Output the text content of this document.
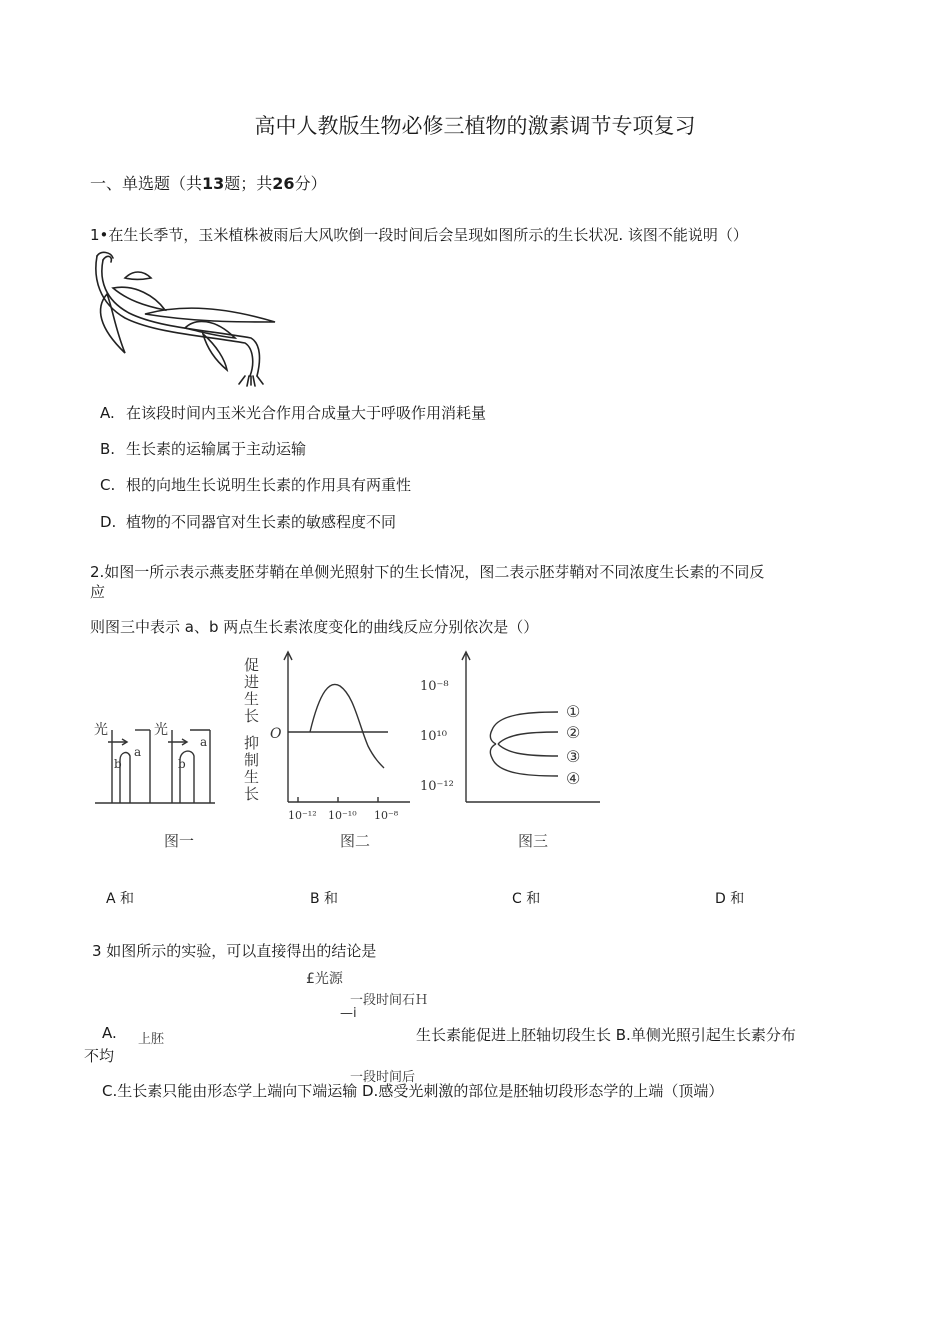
高中人教版生物必修三植物的激素调节专项复习
一、单选题（共13题；共26分）
1•在生长季节，玉米植株被雨后大风吹倒一段时间后会呈现如图所示的生长状况. 该图不能说明（）
A. 在该段时间内玉米光合作用合成量大于呼吸作用消耗量
B. 生长素的运输属于主动运输
C. 根的向地生长说明生长素的作用具有两重性
D. 植物的不同器官对生长素的敏感程度不同
2.如图一所示表示燕麦胚芽鞘在单侧光照射下的生长情况，图二表示胚芽鞘对不同浓度生长素的不同反
应
则图三中表示 a、b 两点生长素浓度变化的曲线反应分别依次是（）
光	光
b
a
b
a
图一
促
进
生
长
抑
制
生
长
O
10⁻¹² 10⁻¹⁰ 10⁻⁸
图二
10⁻⁸
10¹⁰
10⁻¹²
①
②
③
④
图三
A 和	B 和	C 和	D 和
3 如图所示的实验，可以直接得出的结论是
£光源
一段时间石Ｈ
—i
A. 上胚	生长素能促进上胚轴切段生长 B.单侧光照引起生长素分布
不均
一段时间后
C.生长素只能由形态学上端向下端运输 D.感受光刺激的部位是胚轴切段形态学的上端（顶端）
